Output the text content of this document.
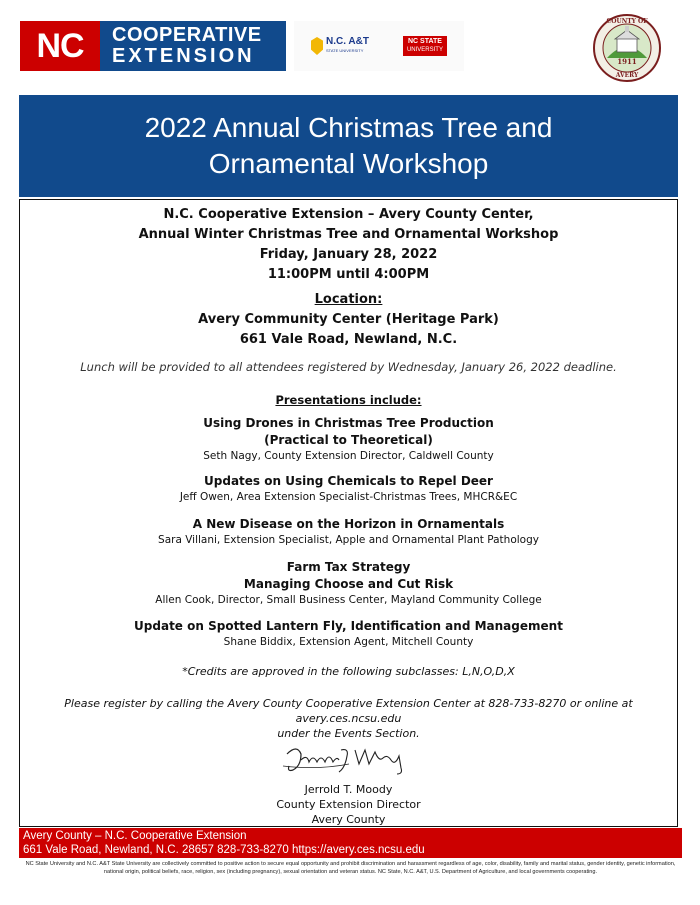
NC	COOPERATIVE
EXTENSION
N.C. A&T
STATE UNIVERSITY
NC STATE
UNIVERSITY
COUNTY OF
1911
AVERY
2022 Annual Christmas Tree and
Ornamental Workshop
N.C. Cooperative Extension – Avery County Center,
Annual Winter Christmas Tree and Ornamental Workshop
Friday, January 28, 2022
11:00PM until 4:00PM
Location:
Avery Community Center (Heritage Park)
661 Vale Road, Newland, N.C.
Lunch will be provided to all attendees registered by Wednesday, January 26, 2022 deadline.
Presentations include:
Using Drones in Christmas Tree Production
(Practical to Theoretical)
Seth Nagy, County Extension Director, Caldwell County
Updates on Using Chemicals to Repel Deer
Jeff Owen, Area Extension Specialist-Christmas Trees, MHCR&EC
A New Disease on the Horizon in Ornamentals
Sara Villani, Extension Specialist, Apple and Ornamental Plant Pathology
Farm Tax Strategy
Managing Choose and Cut Risk
Allen Cook, Director, Small Business Center, Mayland Community College
Update on Spotted Lantern Fly, Identification and Management
Shane Biddix, Extension Agent, Mitchell County
*Credits are approved in the following subclasses: L,N,O,D,X
Please register by calling the Avery County Cooperative Extension Center at 828-733-8270 or online at avery.ces.ncsu.edu
under the Events Section.
Jerrold T. Moody
County Extension Director
Avery County
Avery County – N.C. Cooperative Extension
661 Vale Road, Newland, N.C. 28657 828-733-8270 https://avery.ces.ncsu.edu
NC State University and N.C. A&T State University are collectively committed to positive action to secure equal opportunity and prohibit discrimination and harassment regardless of age, color, disability, family and marital status, gender identity, genetic information,
national origin, political beliefs, race, religion, sex (including pregnancy), sexual orientation and veteran status. NC State, N.C. A&T, U.S. Department of Agriculture, and local governments cooperating.
